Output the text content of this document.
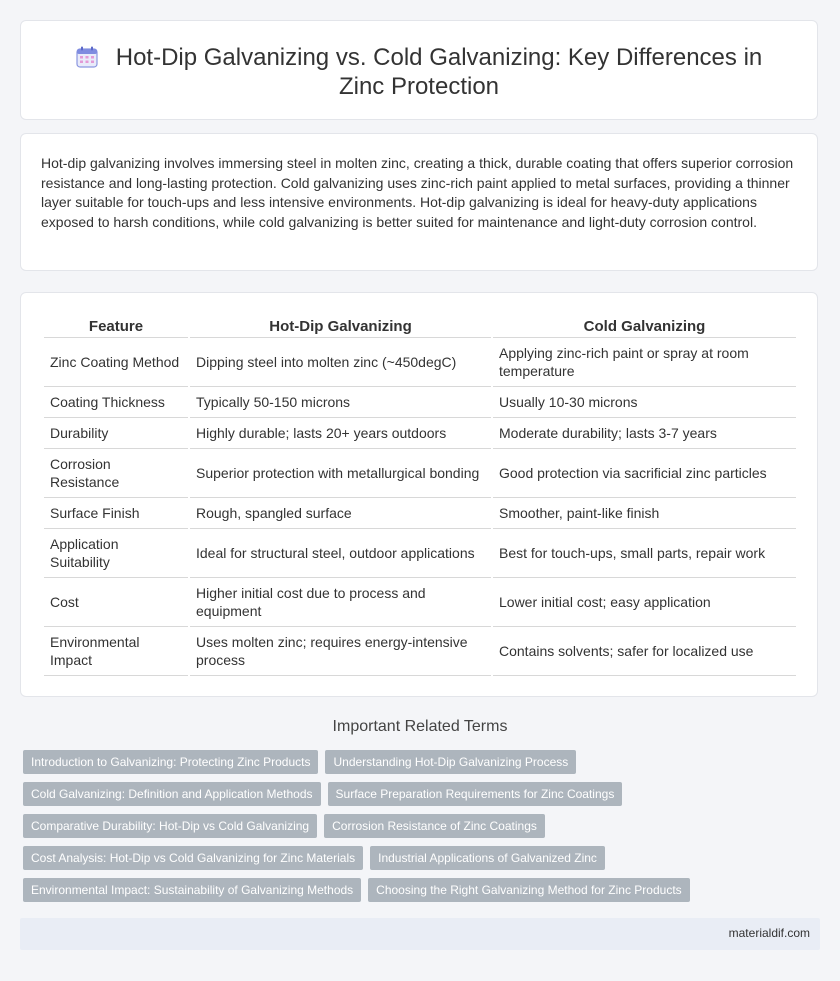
Hot-Dip Galvanizing vs. Cold Galvanizing: Key Differences in Zinc Protection
Hot-dip galvanizing involves immersing steel in molten zinc, creating a thick, durable coating that offers superior corrosion resistance and long-lasting protection. Cold galvanizing uses zinc-rich paint applied to metal surfaces, providing a thinner layer suitable for touch-ups and less intensive environments. Hot-dip galvanizing is ideal for heavy-duty applications exposed to harsh conditions, while cold galvanizing is better suited for maintenance and light-duty corrosion control.
Feature	Hot-Dip Galvanizing	Cold Galvanizing
Zinc Coating Method	Dipping steel into molten zinc (~450degC)	Applying zinc-rich paint or spray at room temperature
Coating Thickness	Typically 50-150 microns	Usually 10-30 microns
Durability	Highly durable; lasts 20+ years outdoors	Moderate durability; lasts 3-7 years
Corrosion Resistance	Superior protection with metallurgical bonding	Good protection via sacrificial zinc particles
Surface Finish	Rough, spangled surface	Smoother, paint-like finish
Application Suitability	Ideal for structural steel, outdoor applications	Best for touch-ups, small parts, repair work
Cost	Higher initial cost due to process and equipment	Lower initial cost; easy application
Environmental Impact	Uses molten zinc; requires energy-intensive process	Contains solvents; safer for localized use
Important Related Terms
Introduction to Galvanizing: Protecting Zinc Products	Understanding Hot-Dip Galvanizing Process
Cold Galvanizing: Definition and Application Methods	Surface Preparation Requirements for Zinc Coatings
Comparative Durability: Hot-Dip vs Cold Galvanizing	Corrosion Resistance of Zinc Coatings
Cost Analysis: Hot-Dip vs Cold Galvanizing for Zinc Materials	Industrial Applications of Galvanized Zinc
Environmental Impact: Sustainability of Galvanizing Methods	Choosing the Right Galvanizing Method for Zinc Products
materialdif.com
